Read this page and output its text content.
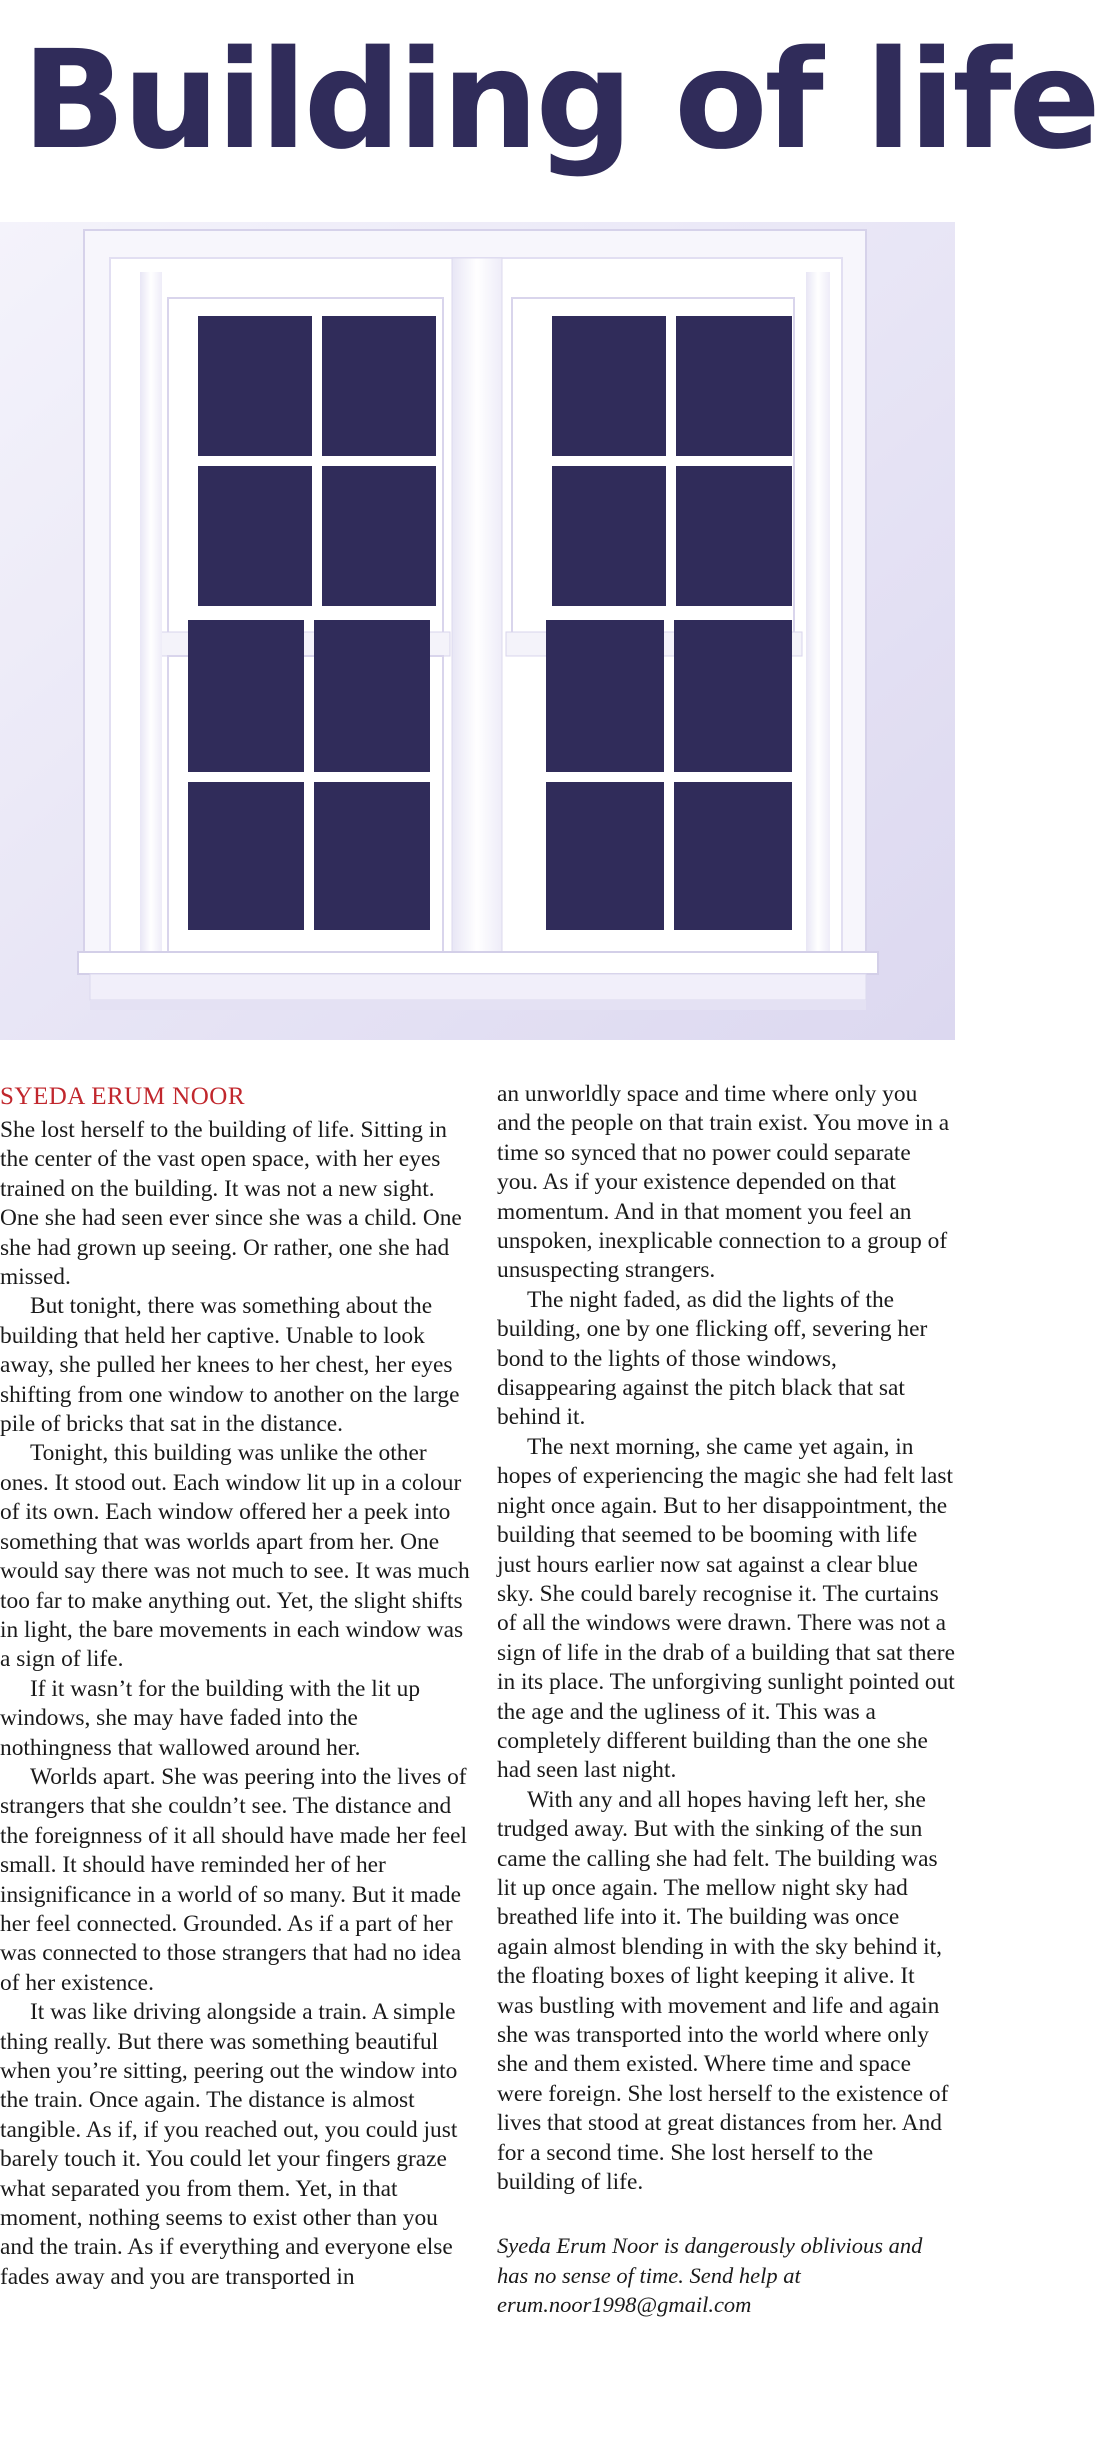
Building of life
SYEDA ERUM NOOR

She lost herself to the building of life. Sitting in the center of the vast open space, with her eyes trained on the building. It was not a new sight. One she had seen ever since she was a child. One she had grown up seeing. Or rather, one she had missed.

But tonight, there was something about the building that held her captive. Unable to look away, she pulled her knees to her chest, her eyes shifting from one window to another on the large pile of bricks that sat in the distance.

Tonight, this building was unlike the other ones. It stood out. Each window lit up in a colour of its own. Each window offered her a peek into something that was worlds apart from her. One would say there was not much to see. It was much too far to make anything out. Yet, the slight shifts in light, the bare movements in each window was a sign of life.

If it wasn’t for the building with the lit up windows, she may have faded into the nothingness that wallowed around her.

Worlds apart. She was peering into the lives of strangers that she couldn’t see. The distance and the foreignness of it all should have made her feel small. It should have reminded her of her insignificance in a world of so many. But it made her feel connected. Grounded. As if a part of her was connected to those strangers that had no idea of her existence.

It was like driving alongside a train. A simple thing really. But there was something beautiful when you’re sitting, peering out the window into the train. Once again. The distance is almost tangible. As if, if you reached out, you could just barely touch it. You could let your fingers graze what separated you from them. Yet, in that moment, nothing seems to exist other than you and the train. As if everything and everyone else fades away and you are transported in

an unworldly space and time where only you and the people on that train exist. You move in a time so synced that no power could separate you. As if your existence depended on that momentum. And in that moment you feel an unspoken, inexplicable connection to a group of unsuspecting strangers.

The night faded, as did the lights of the building, one by one flicking off, severing her bond to the lights of those windows, disappearing against the pitch black that sat behind it.

The next morning, she came yet again, in hopes of experiencing the magic she had felt last night once again. But to her disappointment, the building that seemed to be booming with life just hours earlier now sat against a clear blue sky. She could barely recognise it. The curtains of all the windows were drawn. There was not a sign of life in the drab of a building that sat there in its place. The unforgiving sunlight pointed out the age and the ugliness of it. This was a completely different building than the one she had seen last night.

With any and all hopes having left her, she trudged away. But with the sinking of the sun came the calling she had felt. The building was lit up once again. The mellow night sky had breathed life into it. The building was once again almost blending in with the sky behind it, the floating boxes of light keeping it alive. It was bustling with movement and life and again she was transported into the world where only she and them existed. Where time and space were foreign. She lost herself to the existence of lives that stood at great distances from her. And for a second time. She lost herself to the building of life.

Syeda Erum Noor is dangerously oblivious and has no sense of time. Send help at erum.noor1998@gmail.com
